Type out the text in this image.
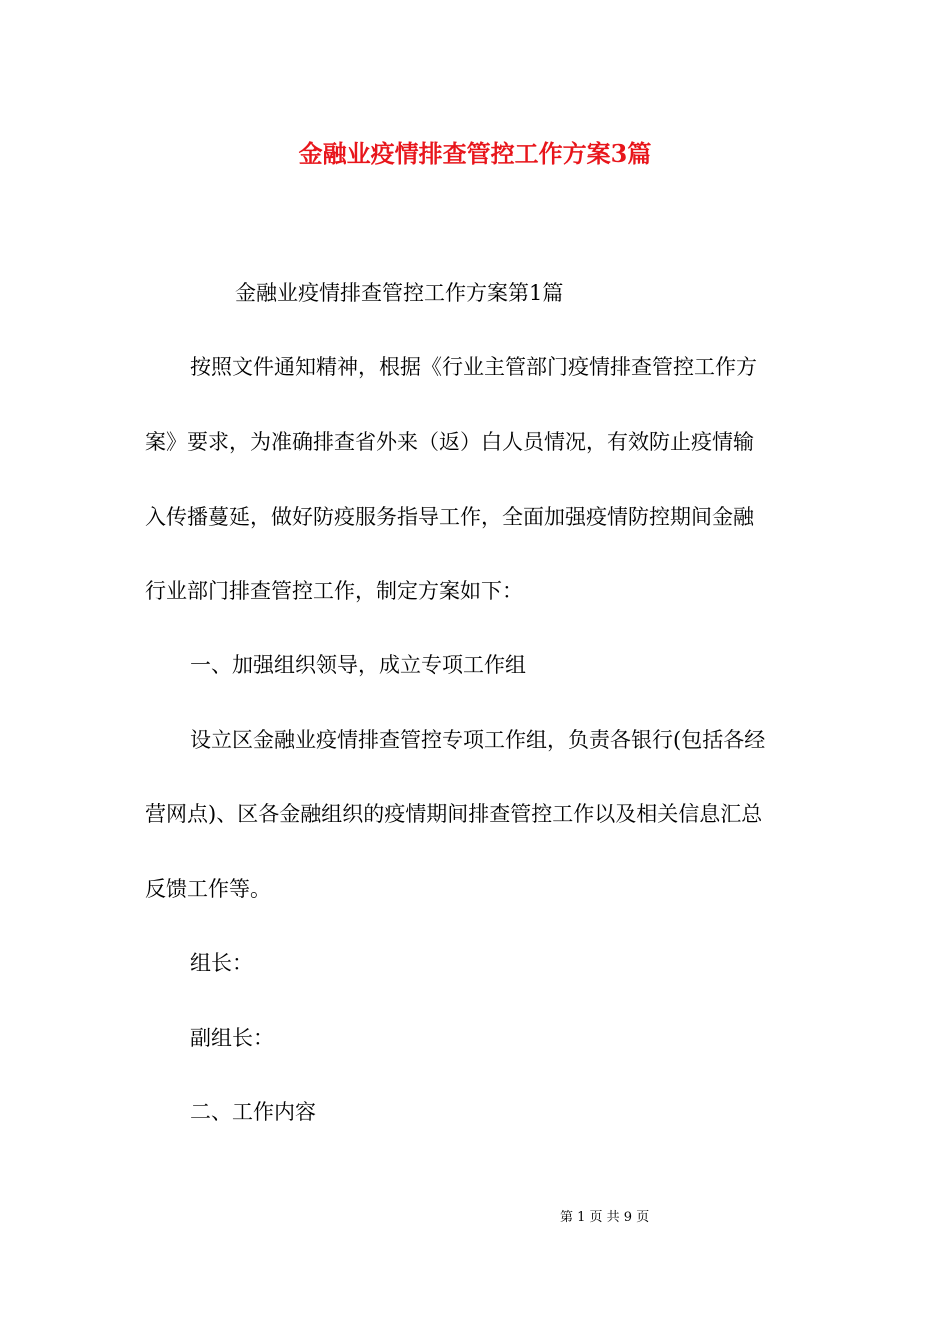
金融业疫情排查管控工作方案3篇

金融业疫情排查管控工作方案第1篇

按照文件通知精神，根据《行业主管部门疫情排查管控工作方

案》要求，为准确排查省外来（返）白人员情况，有效防止疫情输

入传播蔓延，做好防疫服务指导工作，全面加强疫情防控期间金融

行业部门排查管控工作，制定方案如下：

一、加强组织领导，成立专项工作组

设立区金融业疫情排查管控专项工作组，负责各银行(包括各经

营网点)、区各金融组织的疫情期间排查管控工作以及相关信息汇总

反馈工作等。

组长：

副组长：

二、工作内容

第 1 页 共 9 页
